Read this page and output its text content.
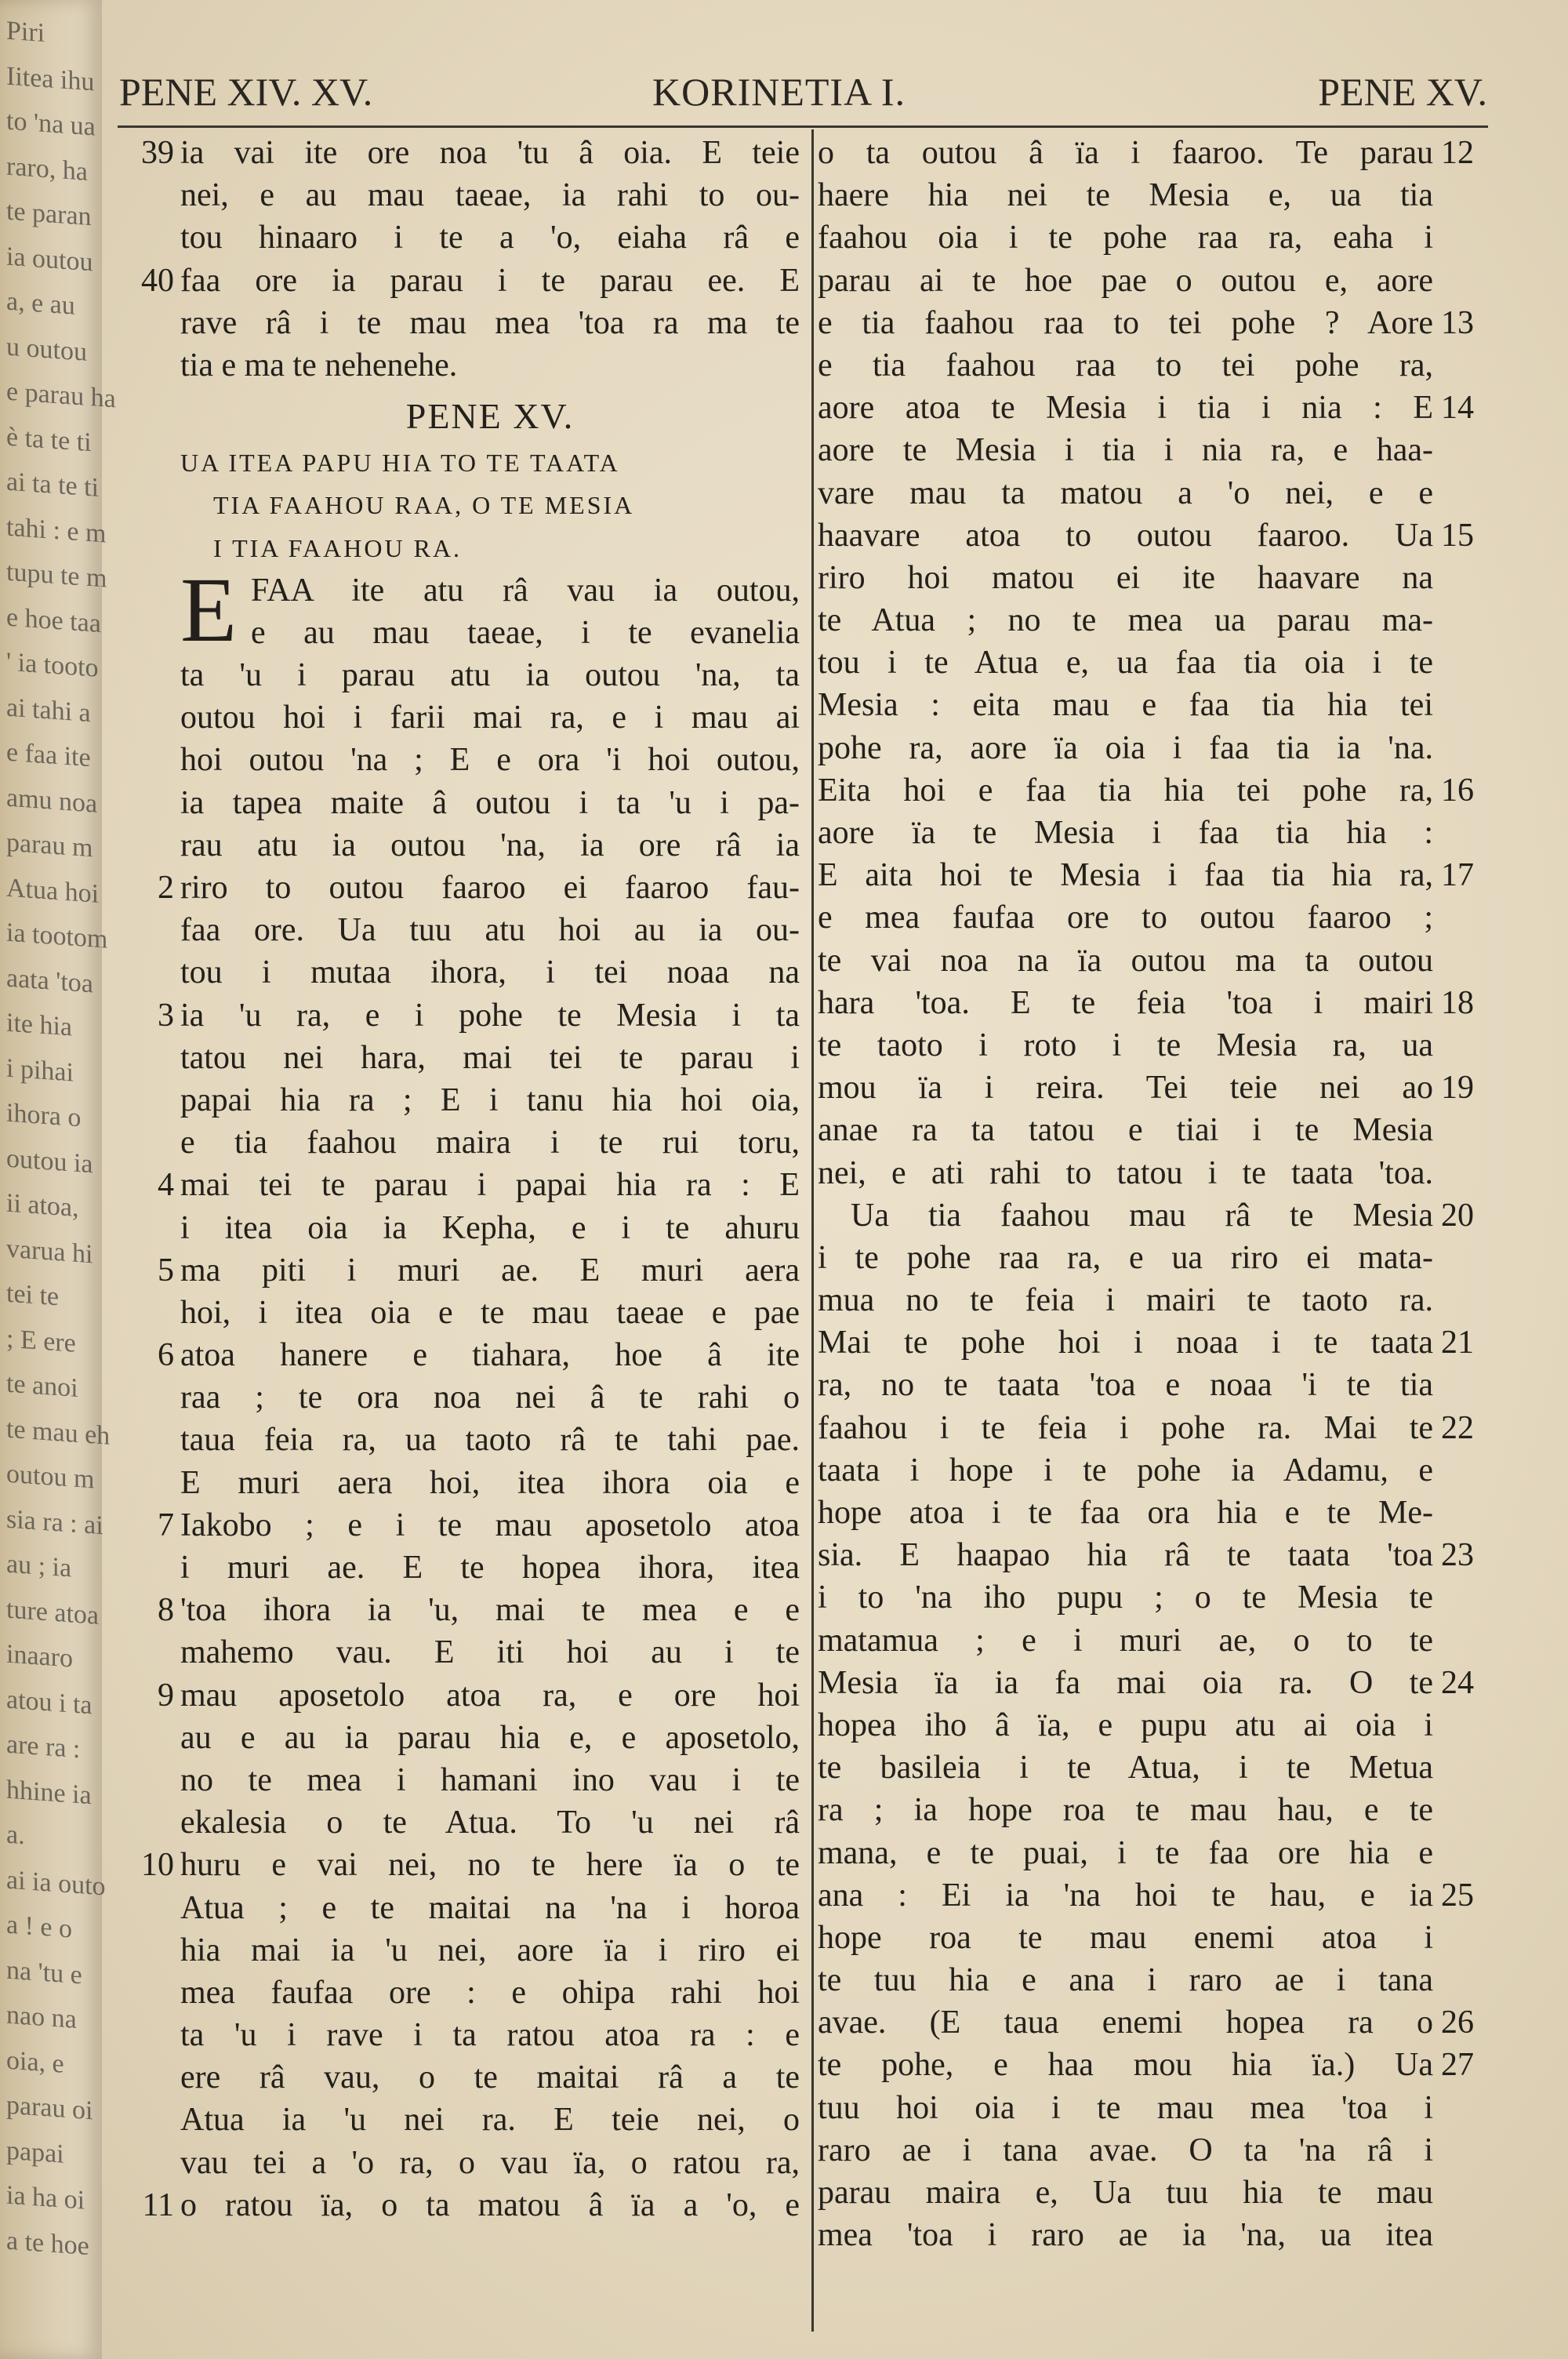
Piri
Iitea ihu
to 'na ua
raro, ha
te paran
ia outou
a, e au
u outou
e parau ha
è ta te ti
ai ta te ti
tahi : e m
tupu te m
e hoe taa
' ia tooto
ai tahi a
e faa ite
amu noa
parau m
Atua hoi
ia tootom
aata 'toa
ite hia
i pihai
ihora o
outou ia
ii atoa,
varua hi
tei te
; E ere
te anoi
te mau eh
outou m
sia ra : ai
au ; ia
ture atoa
inaaro
atou i ta
are ra :
hhine ia
a.
ai ia outo
a ! e o
na 'tu e
nao na
oia, e
parau oi
papai
ia ha oi
a te hoe
PENE XIV. XV.	KORINETIA I.	PENE XV.
39
40
2
3
4
5
6
7
8
9
10
11
ia vai ite ore noa 'tu â oia. E teie
nei, e au mau taeae, ia rahi to ou-
tou hinaaro i te a 'o, eiaha râ e
faa ore ia parau i te parau ee. E
rave râ i te mau mea 'toa ra ma te
tia e ma te nehenehe.
PENE XV.
UA ITEA PAPU HIA TO TE TAATA
TIA FAAHOU RAA, O TE MESIA
I TIA FAAHOU RA.
E FAA ite atu râ vau ia outou,
e au mau taeae, i te evanelia
ta 'u i parau atu ia outou 'na, ta
outou hoi i farii mai ra, e i mau ai
hoi outou 'na ; E e ora 'i hoi outou,
ia tapea maite â outou i ta 'u i pa-
rau atu ia outou 'na, ia ore râ ia
riro to outou faaroo ei faaroo fau-
faa ore. Ua tuu atu hoi au ia ou-
tou i mutaa ihora, i tei noaa na
ia 'u ra, e i pohe te Mesia i ta
tatou nei hara, mai tei te parau i
papai hia ra ; E i tanu hia hoi oia,
e tia faahou maira i te rui toru,
mai tei te parau i papai hia ra : E
i itea oia ia Kepha, e i te ahuru
ma piti i muri ae. E muri aera
hoi, i itea oia e te mau taeae e pae
atoa hanere e tiahara, hoe â ite
raa ; te ora noa nei â te rahi o
taua feia ra, ua taoto râ te tahi pae.
E muri aera hoi, itea ihora oia e
Iakobo ; e i te mau aposetolo atoa
i muri ae. E te hopea ihora, itea
'toa ihora ia 'u, mai te mea e e
mahemo vau. E iti hoi au i te
mau aposetolo atoa ra, e ore hoi
au e au ia parau hia e, e aposetolo,
no te mea i hamani ino vau i te
ekalesia o te Atua. To 'u nei râ
huru e vai nei, no te here ïa o te
Atua ; e te maitai na 'na i horoa
hia mai ia 'u nei, aore ïa i riro ei
mea faufaa ore : e ohipa rahi hoi
ta 'u i rave i ta ratou atoa ra : e
ere râ vau, o te maitai râ a te
Atua ia 'u nei ra. E teie nei, o
vau tei a 'o ra, o vau ïa, o ratou ra,
o ratou ïa, o ta matou â ïa a 'o, e
o ta outou â ïa i faaroo. Te parau
haere hia nei te Mesia e, ua tia
faahou oia i te pohe raa ra, eaha i
parau ai te hoe pae o outou e, aore
e tia faahou raa to tei pohe ? Aore
e tia faahou raa to tei pohe ra,
aore atoa te Mesia i tia i nia : E
aore te Mesia i tia i nia ra, e haa-
vare mau ta matou a 'o nei, e e
haavare atoa to outou faaroo. Ua
riro hoi matou ei ite haavare na
te Atua ; no te mea ua parau ma-
tou i te Atua e, ua faa tia oia i te
Mesia : eita mau e faa tia hia tei
pohe ra, aore ïa oia i faa tia ia 'na.
Eita hoi e faa tia hia tei pohe ra,
aore ïa te Mesia i faa tia hia :
E aita hoi te Mesia i faa tia hia ra,
e mea faufaa ore to outou faaroo ;
te vai noa na ïa outou ma ta outou
hara 'toa. E te feia 'toa i mairi
te taoto i roto i te Mesia ra, ua
mou ïa i reira. Tei teie nei ao
anae ra ta tatou e tiai i te Mesia
nei, e ati rahi to tatou i te taata 'toa.
Ua tia faahou mau râ te Mesia
i te pohe raa ra, e ua riro ei mata-
mua no te feia i mairi te taoto ra.
Mai te pohe hoi i noaa i te taata
ra, no te taata 'toa e noaa 'i te tia
faahou i te feia i pohe ra. Mai te
taata i hope i te pohe ia Adamu, e
hope atoa i te faa ora hia e te Me-
sia. E haapao hia râ te taata 'toa
i to 'na iho pupu ; o te Mesia te
matamua ; e i muri ae, o to te
Mesia ïa ia fa mai oia ra. O te
hopea iho â ïa, e pupu atu ai oia i
te basileia i te Atua, i te Metua
ra ; ia hope roa te mau hau, e te
mana, e te puai, i te faa ore hia e
ana : Ei ia 'na hoi te hau, e ia
hope roa te mau enemi atoa i
te tuu hia e ana i raro ae i tana
avae. (E taua enemi hopea ra o
te pohe, e haa mou hia ïa.) Ua
tuu hoi oia i te mau mea 'toa i
raro ae i tana avae. O ta 'na râ i
parau maira e, Ua tuu hia te mau
mea 'toa i raro ae ia 'na, ua itea
12
13
14
15
16
17
18
19
20
21
22
23
24
25
26
27
